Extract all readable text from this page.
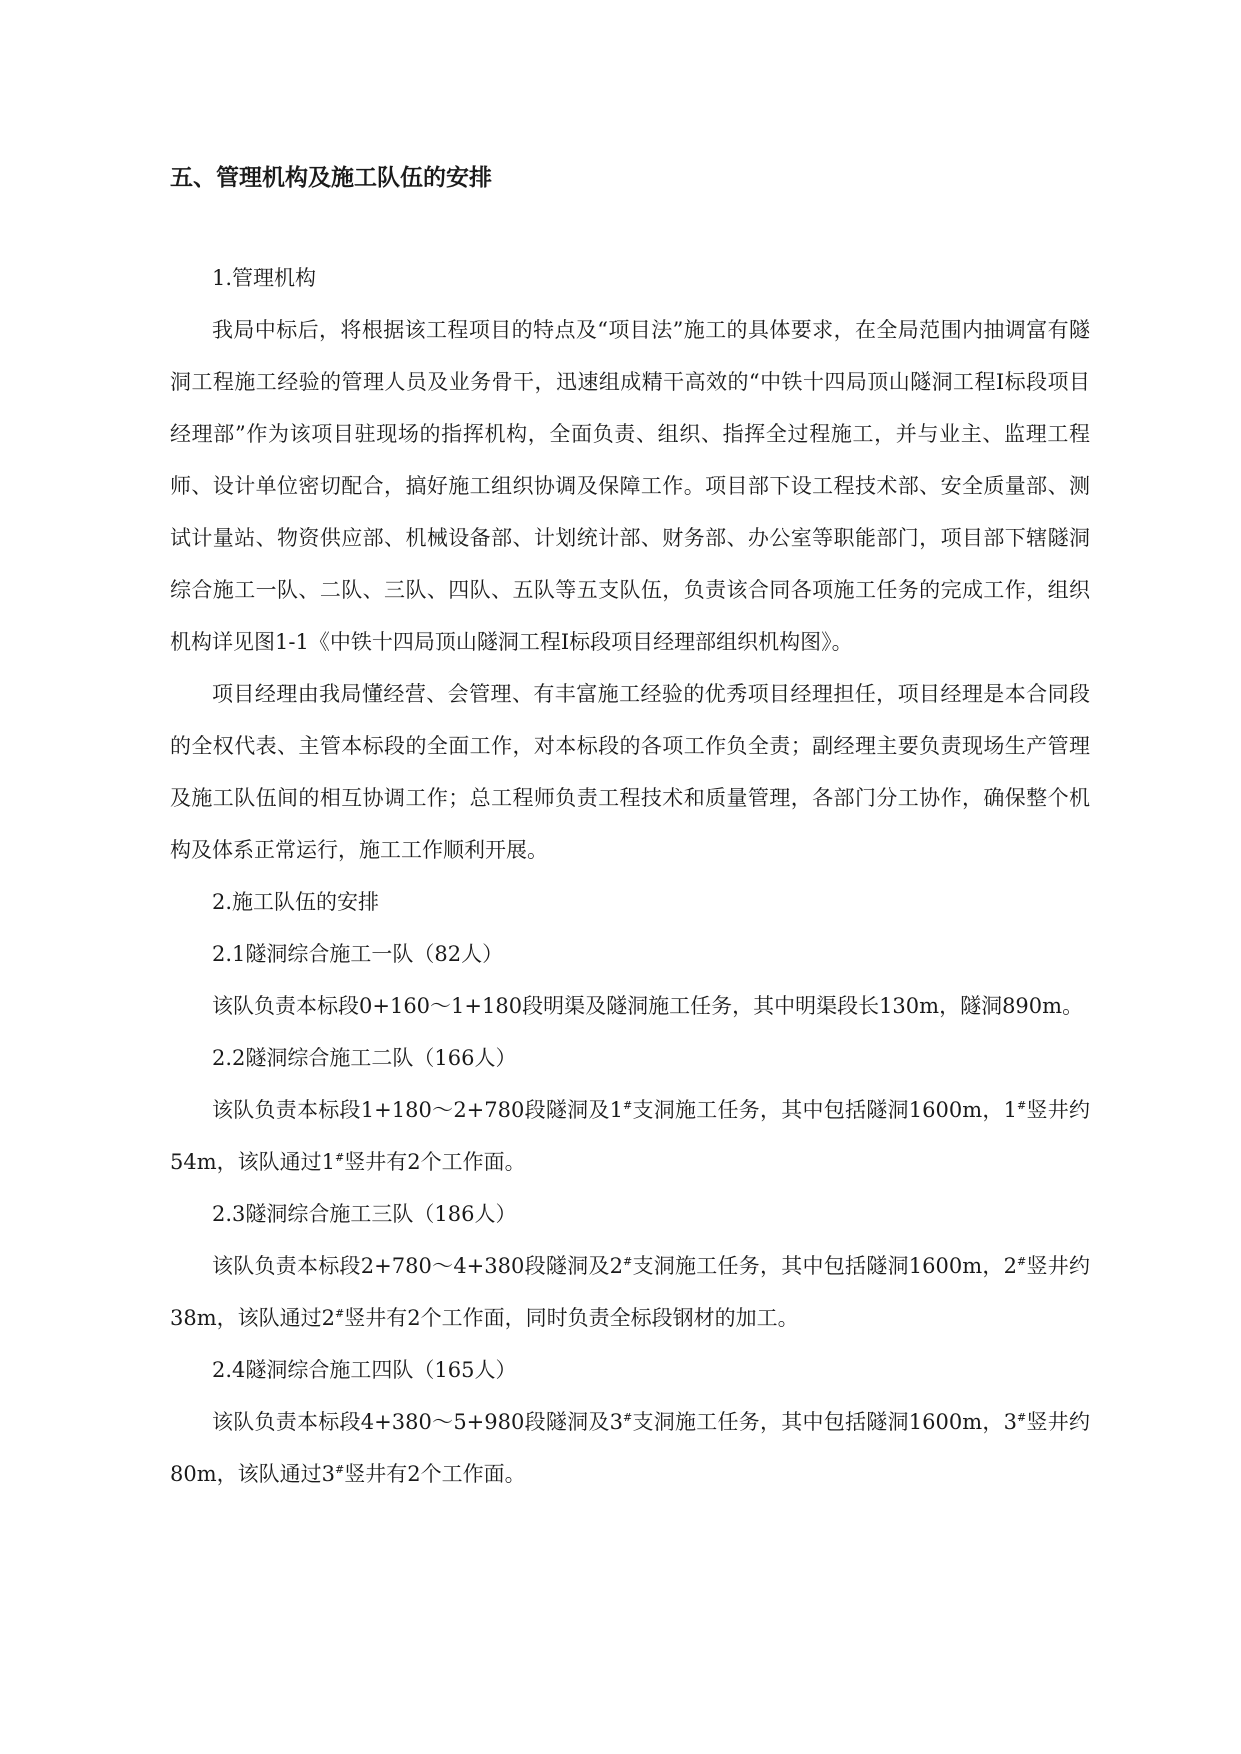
五、管理机构及施工队伍的安排

1.管理机构

我局中标后，将根据该工程项目的特点及“项目法”施工的具体要求，在全局范围内抽调富有隧洞工程施工经验的管理人员及业务骨干，迅速组成精干高效的“中铁十四局顶山隧洞工程Ⅰ标段项目经理部”作为该项目驻现场的指挥机构，全面负责、组织、指挥全过程施工，并与业主、监理工程师、设计单位密切配合，搞好施工组织协调及保障工作。项目部下设工程技术部、安全质量部、测试计量站、物资供应部、机械设备部、计划统计部、财务部、办公室等职能部门，项目部下辖隧洞综合施工一队、二队、三队、四队、五队等五支队伍，负责该合同各项施工任务的完成工作，组织机构详见图1-1《中铁十四局顶山隧洞工程Ⅰ标段项目经理部组织机构图》。

项目经理由我局懂经营、会管理、有丰富施工经验的优秀项目经理担任，项目经理是本合同段的全权代表、主管本标段的全面工作，对本标段的各项工作负全责；副经理主要负责现场生产管理及施工队伍间的相互协调工作；总工程师负责工程技术和质量管理，各部门分工协作，确保整个机构及体系正常运行，施工工作顺利开展。

2.施工队伍的安排

2.1隧洞综合施工一队（82人）

该队负责本标段0+160～1+180段明渠及隧洞施工任务，其中明渠段长130m，隧洞890m。

2.2隧洞综合施工二队（166人）

该队负责本标段1+180～2+780段隧洞及1#支洞施工任务，其中包括隧洞1600m，1#竖井约54m，该队通过1#竖井有2个工作面。

2.3隧洞综合施工三队（186人）

该队负责本标段2+780～4+380段隧洞及2#支洞施工任务，其中包括隧洞1600m，2#竖井约38m，该队通过2#竖井有2个工作面，同时负责全标段钢材的加工。

2.4隧洞综合施工四队（165人）

该队负责本标段4+380～5+980段隧洞及3#支洞施工任务，其中包括隧洞1600m，3#竖井约80m，该队通过3#竖井有2个工作面。
